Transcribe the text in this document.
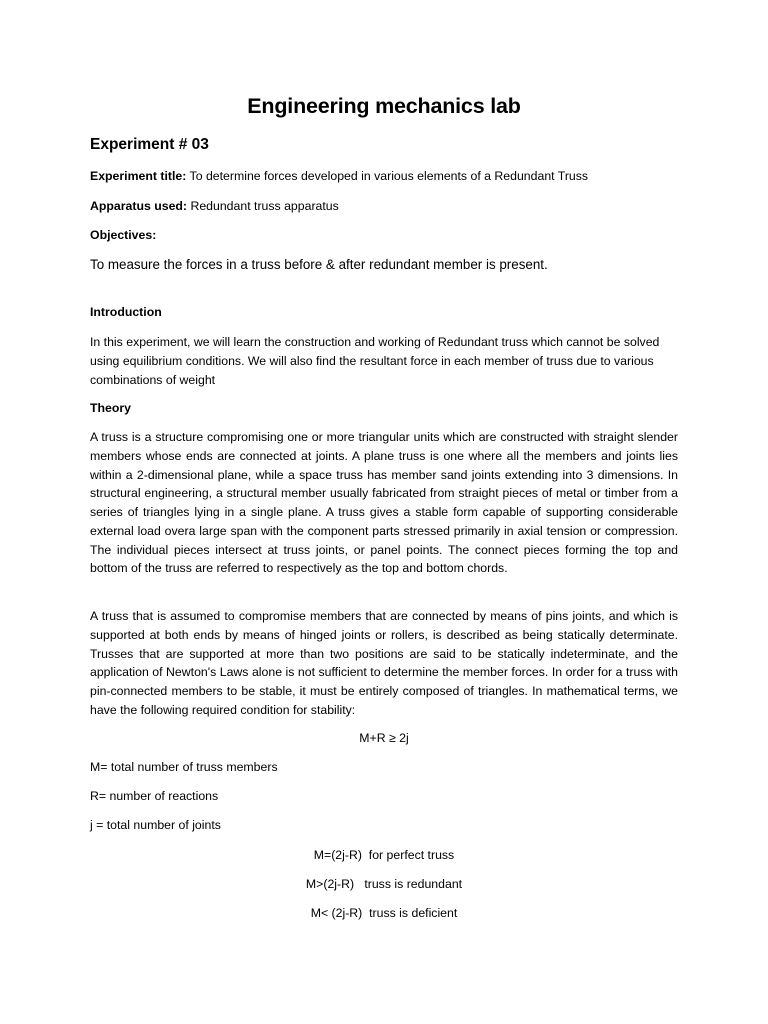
Engineering mechanics lab
Experiment # 03
Experiment title: To determine forces developed in various elements of a Redundant Truss
Apparatus used: Redundant truss apparatus
Objectives:
To measure the forces in a truss before & after redundant member is present.
Introduction
In this experiment, we will learn the construction and working of Redundant truss which cannot be solved using equilibrium conditions. We will also find the resultant force in each member of truss due to various combinations of weight
Theory
A truss is a structure compromising one or more triangular units which are constructed with straight slender members whose ends are connected at joints. A plane truss is one where all the members and joints lies within a 2-dimensional plane, while a space truss has member sand joints extending into 3 dimensions. In structural engineering, a structural member usually fabricated from straight pieces of metal or timber from a series of triangles lying in a single plane. A truss gives a stable form capable of supporting considerable external load overa large span with the component parts stressed primarily in axial tension or compression. The individual pieces intersect at truss joints, or panel points. The connect pieces forming the top and bottom of the truss are referred to respectively as the top and bottom chords.
A truss that is assumed to compromise members that are connected by means of pins joints, and which is supported at both ends by means of hinged joints or rollers, is described as being statically determinate. Trusses that are supported at more than two positions are said to be statically indeterminate, and the application of Newton's Laws alone is not sufficient to determine the member forces. In order for a truss with pin-connected members to be stable, it must be entirely composed of triangles. In mathematical terms, we have the following required condition for stability:
M+R ≥ 2j
M= total number of truss members
R= number of reactions
j = total number of joints
M=(2j-R)  for perfect truss
M>(2j-R)   truss is redundant
M< (2j-R)  truss is deficient
